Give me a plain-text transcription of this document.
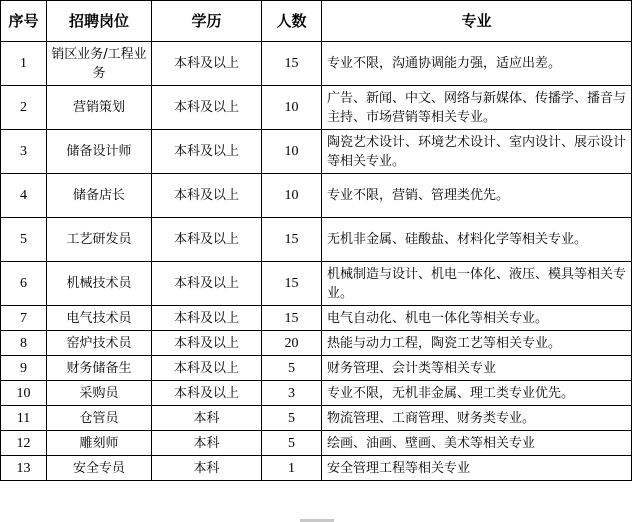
序号	招聘岗位	学历	人数	专业
1	销区业务/工程业务	本科及以上	15	专业不限，沟通协调能力强，适应出差。
2	营销策划	本科及以上	10	广告、新闻、中文、网络与新媒体、传播学、播音与主持、市场营销等相关专业。
3	储备设计师	本科及以上	10	陶瓷艺术设计、环境艺术设计、室内设计、展示设计等相关专业。
4	储备店长	本科及以上	10	专业不限，营销、管理类优先。
5	工艺研发员	本科及以上	15	无机非金属、硅酸盐、材料化学等相关专业。
6	机械技术员	本科及以上	15	机械制造与设计、机电一体化、液压、模具等相关专业。
7	电气技术员	本科及以上	15	电气自动化、机电一体化等相关专业。
8	窑炉技术员	本科及以上	20	热能与动力工程，陶瓷工艺等相关专业。
9	财务储备生	本科及以上	5	财务管理、会计类等相关专业
10	采购员	本科及以上	3	专业不限，无机非金属、理工类专业优先。
11	仓管员	本科	5	物流管理、工商管理、财务类专业。
12	雕刻师	本科	5	绘画、油画、壁画、美术等相关专业
13	安全专员	本科	1	安全管理工程等相关专业
